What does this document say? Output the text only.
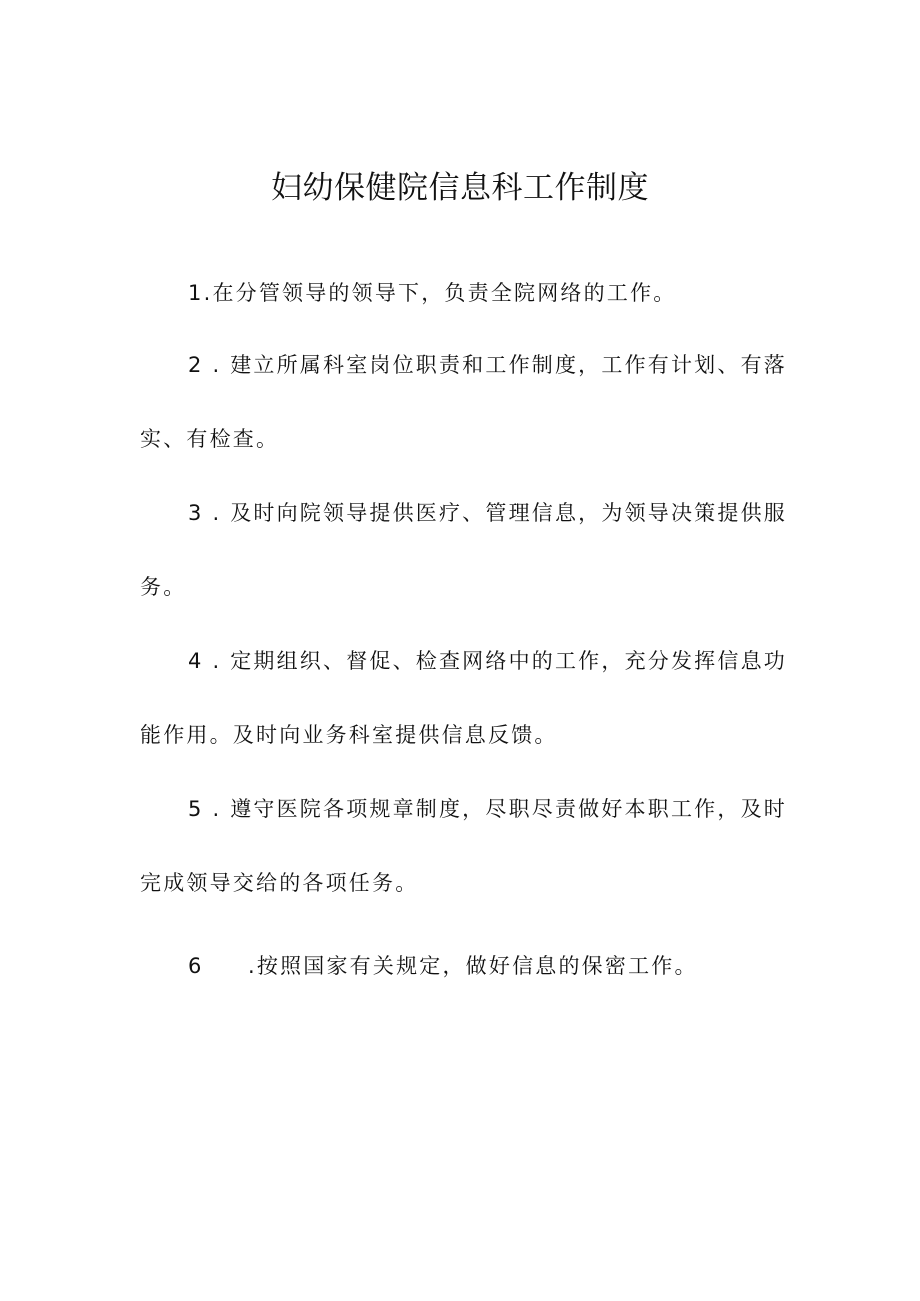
妇幼保健院信息科工作制度
1.在分管领导的领导下，负责全院网络的工作。
2 . 建立所属科室岗位职责和工作制度，工作有计划、有落
实、有检查。
3 . 及时向院领导提供医疗、管理信息，为领导决策提供服
务。
4 . 定期组织、督促、检查网络中的工作，充分发挥信息功
能作用。及时向业务科室提供信息反馈。
5 . 遵守医院各项规章制度，尽职尽责做好本职工作，及时
完成领导交给的各项任务。
6 .按照国家有关规定，做好信息的保密工作。
